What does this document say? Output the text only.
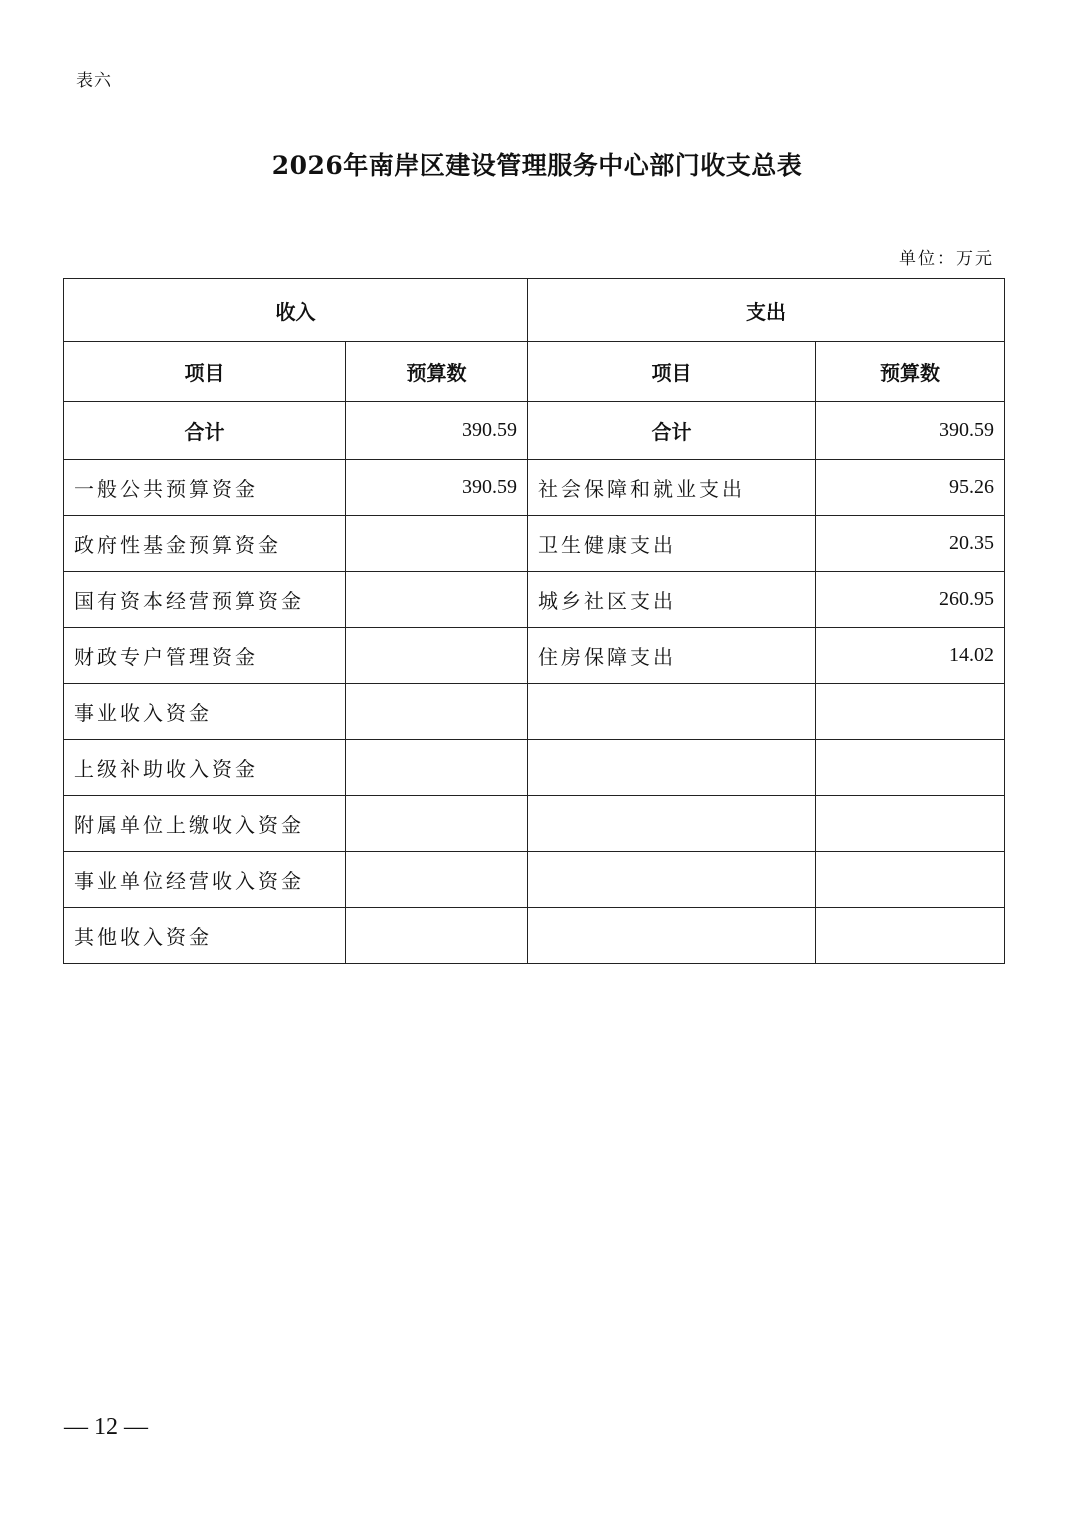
表六
2026年南岸区建设管理服务中心部门收支总表
单位：万元
收入		支出	
项目	预算数	项目	预算数
合计	390.59	合计	390.59
一般公共预算资金	390.59	社会保障和就业支出	95.26
政府性基金预算资金		卫生健康支出	20.35
国有资本经营预算资金		城乡社区支出	260.95
财政专户管理资金		住房保障支出	14.02
事业收入资金			
上级补助收入资金			
附属单位上缴收入资金			
事业单位经营收入资金			
其他收入资金			
— 12 —
